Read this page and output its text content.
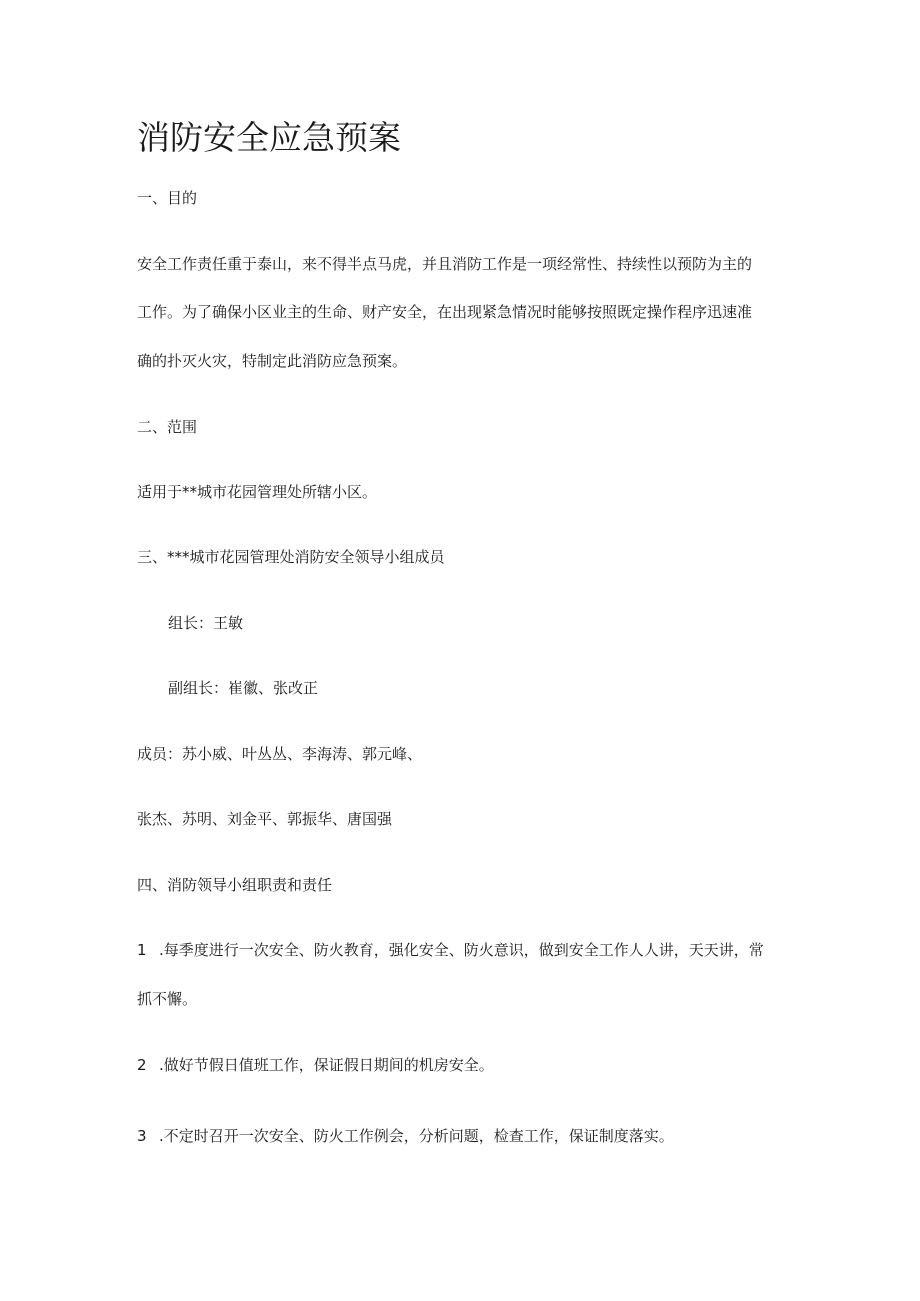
消防安全应急预案
一、目的
安全工作责任重于泰山，来不得半点马虎，并且消防工作是一项经常性、持续性以预防为主的
工作。为了确保小区业主的生命、财产安全，在出现紧急情况时能够按照既定操作程序迅速准
确的扑灭火灾，特制定此消防应急预案。
二、范围
适用于**城市花园管理处所辖小区。
三、***城市花园管理处消防安全领导小组成员
组长：王敏
副组长：崔徽、张改正
成员：苏小威、叶丛丛、李海涛、郭元峰、
张杰、苏明、刘金平、郭振华、唐国强
四、消防领导小组职责和责任
1 .每季度进行一次安全、防火教育，强化安全、防火意识，做到安全工作人人讲，天天讲，常
抓不懈。
2 .做好节假日值班工作，保证假日期间的机房安全。
3 .不定时召开一次安全、防火工作例会，分析问题，检查工作，保证制度落实。
